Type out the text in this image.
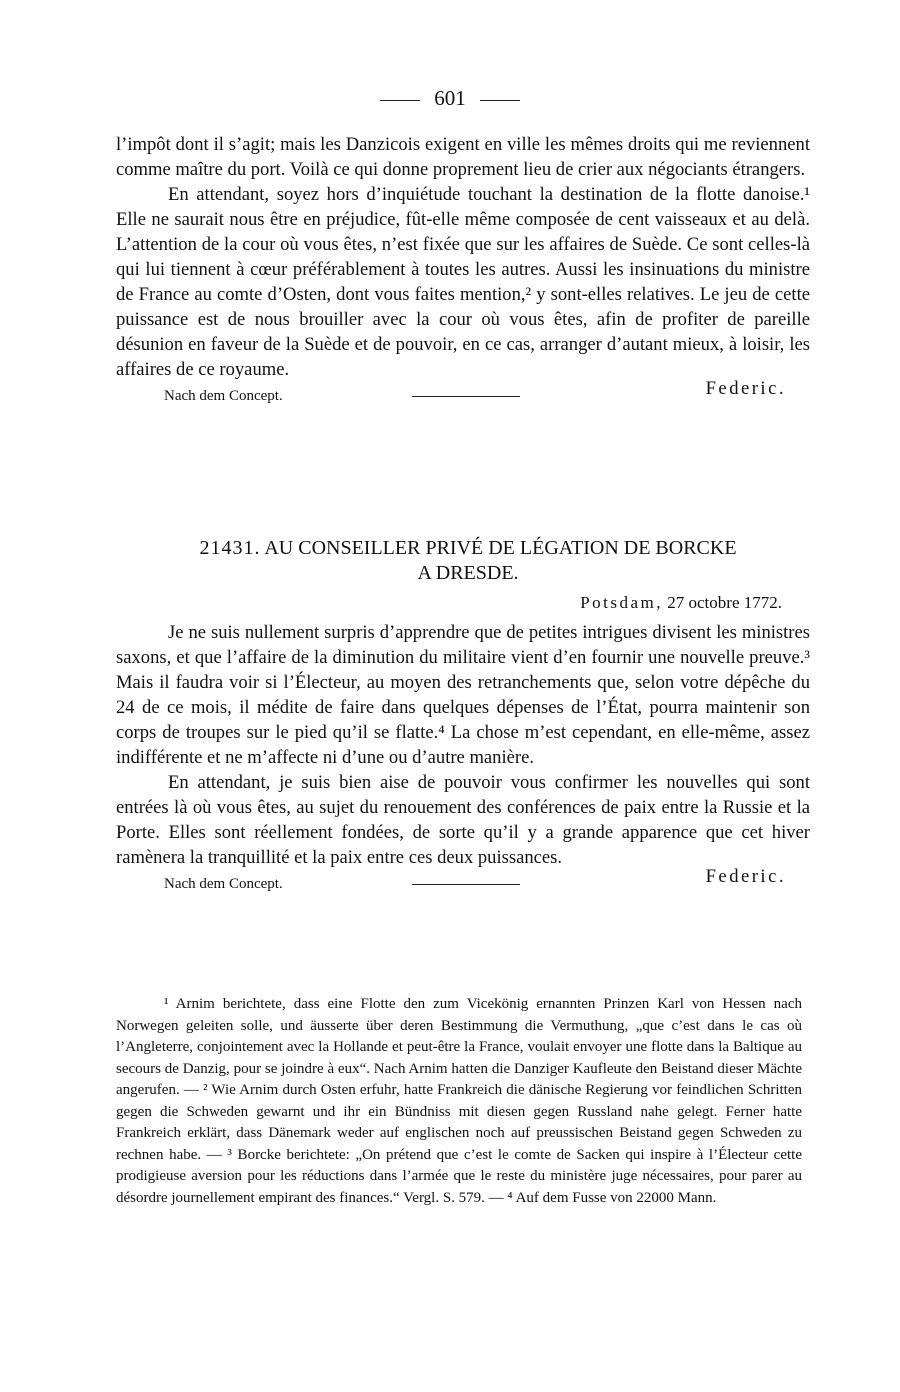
601

l’impôt dont il s’agit; mais les Danzicois exigent en ville les mêmes droits qui me reviennent comme maître du port. Voilà ce qui donne proprement lieu de crier aux négociants étrangers.

En attendant, soyez hors d’inquiétude touchant la destination de la flotte danoise.¹ Elle ne saurait nous être en préjudice, fût-elle même composée de cent vaisseaux et au delà. L’attention de la cour où vous êtes, n’est fixée que sur les affaires de Suède. Ce sont celles-là qui lui tiennent à cœur préférablement à toutes les autres. Aussi les insinuations du ministre de France au comte d’Osten, dont vous faites mention,² y sont-elles relatives. Le jeu de cette puissance est de nous brouiller avec la cour où vous êtes, afin de profiter de pareille désunion en faveur de la Suède et de pouvoir, en ce cas, arranger d’autant mieux, à loisir, les affaires de ce royaume.

Nach dem Concept.	Federic.
21431. AU CONSEILLER PRIVÉ DE LÉGATION DE BORCKE
A DRESDE.
Potsdam, 27 octobre 1772.

Je ne suis nullement surpris d’apprendre que de petites intrigues divisent les ministres saxons, et que l’affaire de la diminution du militaire vient d’en fournir une nouvelle preuve.³ Mais il faudra voir si l’Électeur, au moyen des retranchements que, selon votre dépêche du 24 de ce mois, il médite de faire dans quelques dépenses de l’État, pourra maintenir son corps de troupes sur le pied qu’il se flatte.⁴ La chose m’est cependant, en elle-même, assez indifférente et ne m’affecte ni d’une ou d’autre manière.

En attendant, je suis bien aise de pouvoir vous confirmer les nouvelles qui sont entrées là où vous êtes, au sujet du renouement des conférences de paix entre la Russie et la Porte. Elles sont réellement fondées, de sorte qu’il y a grande apparence que cet hiver ramènera la tranquillité et la paix entre ces deux puissances.

Nach dem Concept.	Federic.

¹ Arnim berichtete, dass eine Flotte den zum Vicekönig ernannten Prinzen Karl von Hessen nach Norwegen geleiten solle, und äusserte über deren Bestimmung die Vermuthung, „que c’est dans le cas où l’Angleterre, conjointement avec la Hollande et peut-être la France, voulait envoyer une flotte dans la Baltique au secours de Danzig, pour se joindre à eux“. Nach Arnim hatten die Danziger Kaufleute den Beistand dieser Mächte angerufen. — ² Wie Arnim durch Osten erfuhr, hatte Frankreich die dänische Regierung vor feindlichen Schritten gegen die Schweden gewarnt und ihr ein Bündniss mit diesen gegen Russland nahe gelegt. Ferner hatte Frankreich erklärt, dass Dänemark weder auf englischen noch auf preussischen Beistand gegen Schweden zu rechnen habe. — ³ Borcke berichtete: „On prétend que c’est le comte de Sacken qui inspire à l’Électeur cette prodigieuse aversion pour les réductions dans l’armée que le reste du ministère juge nécessaires, pour parer au désordre journellement empirant des finances.“ Vergl. S. 579. — ⁴ Auf dem Fusse von 22000 Mann.
